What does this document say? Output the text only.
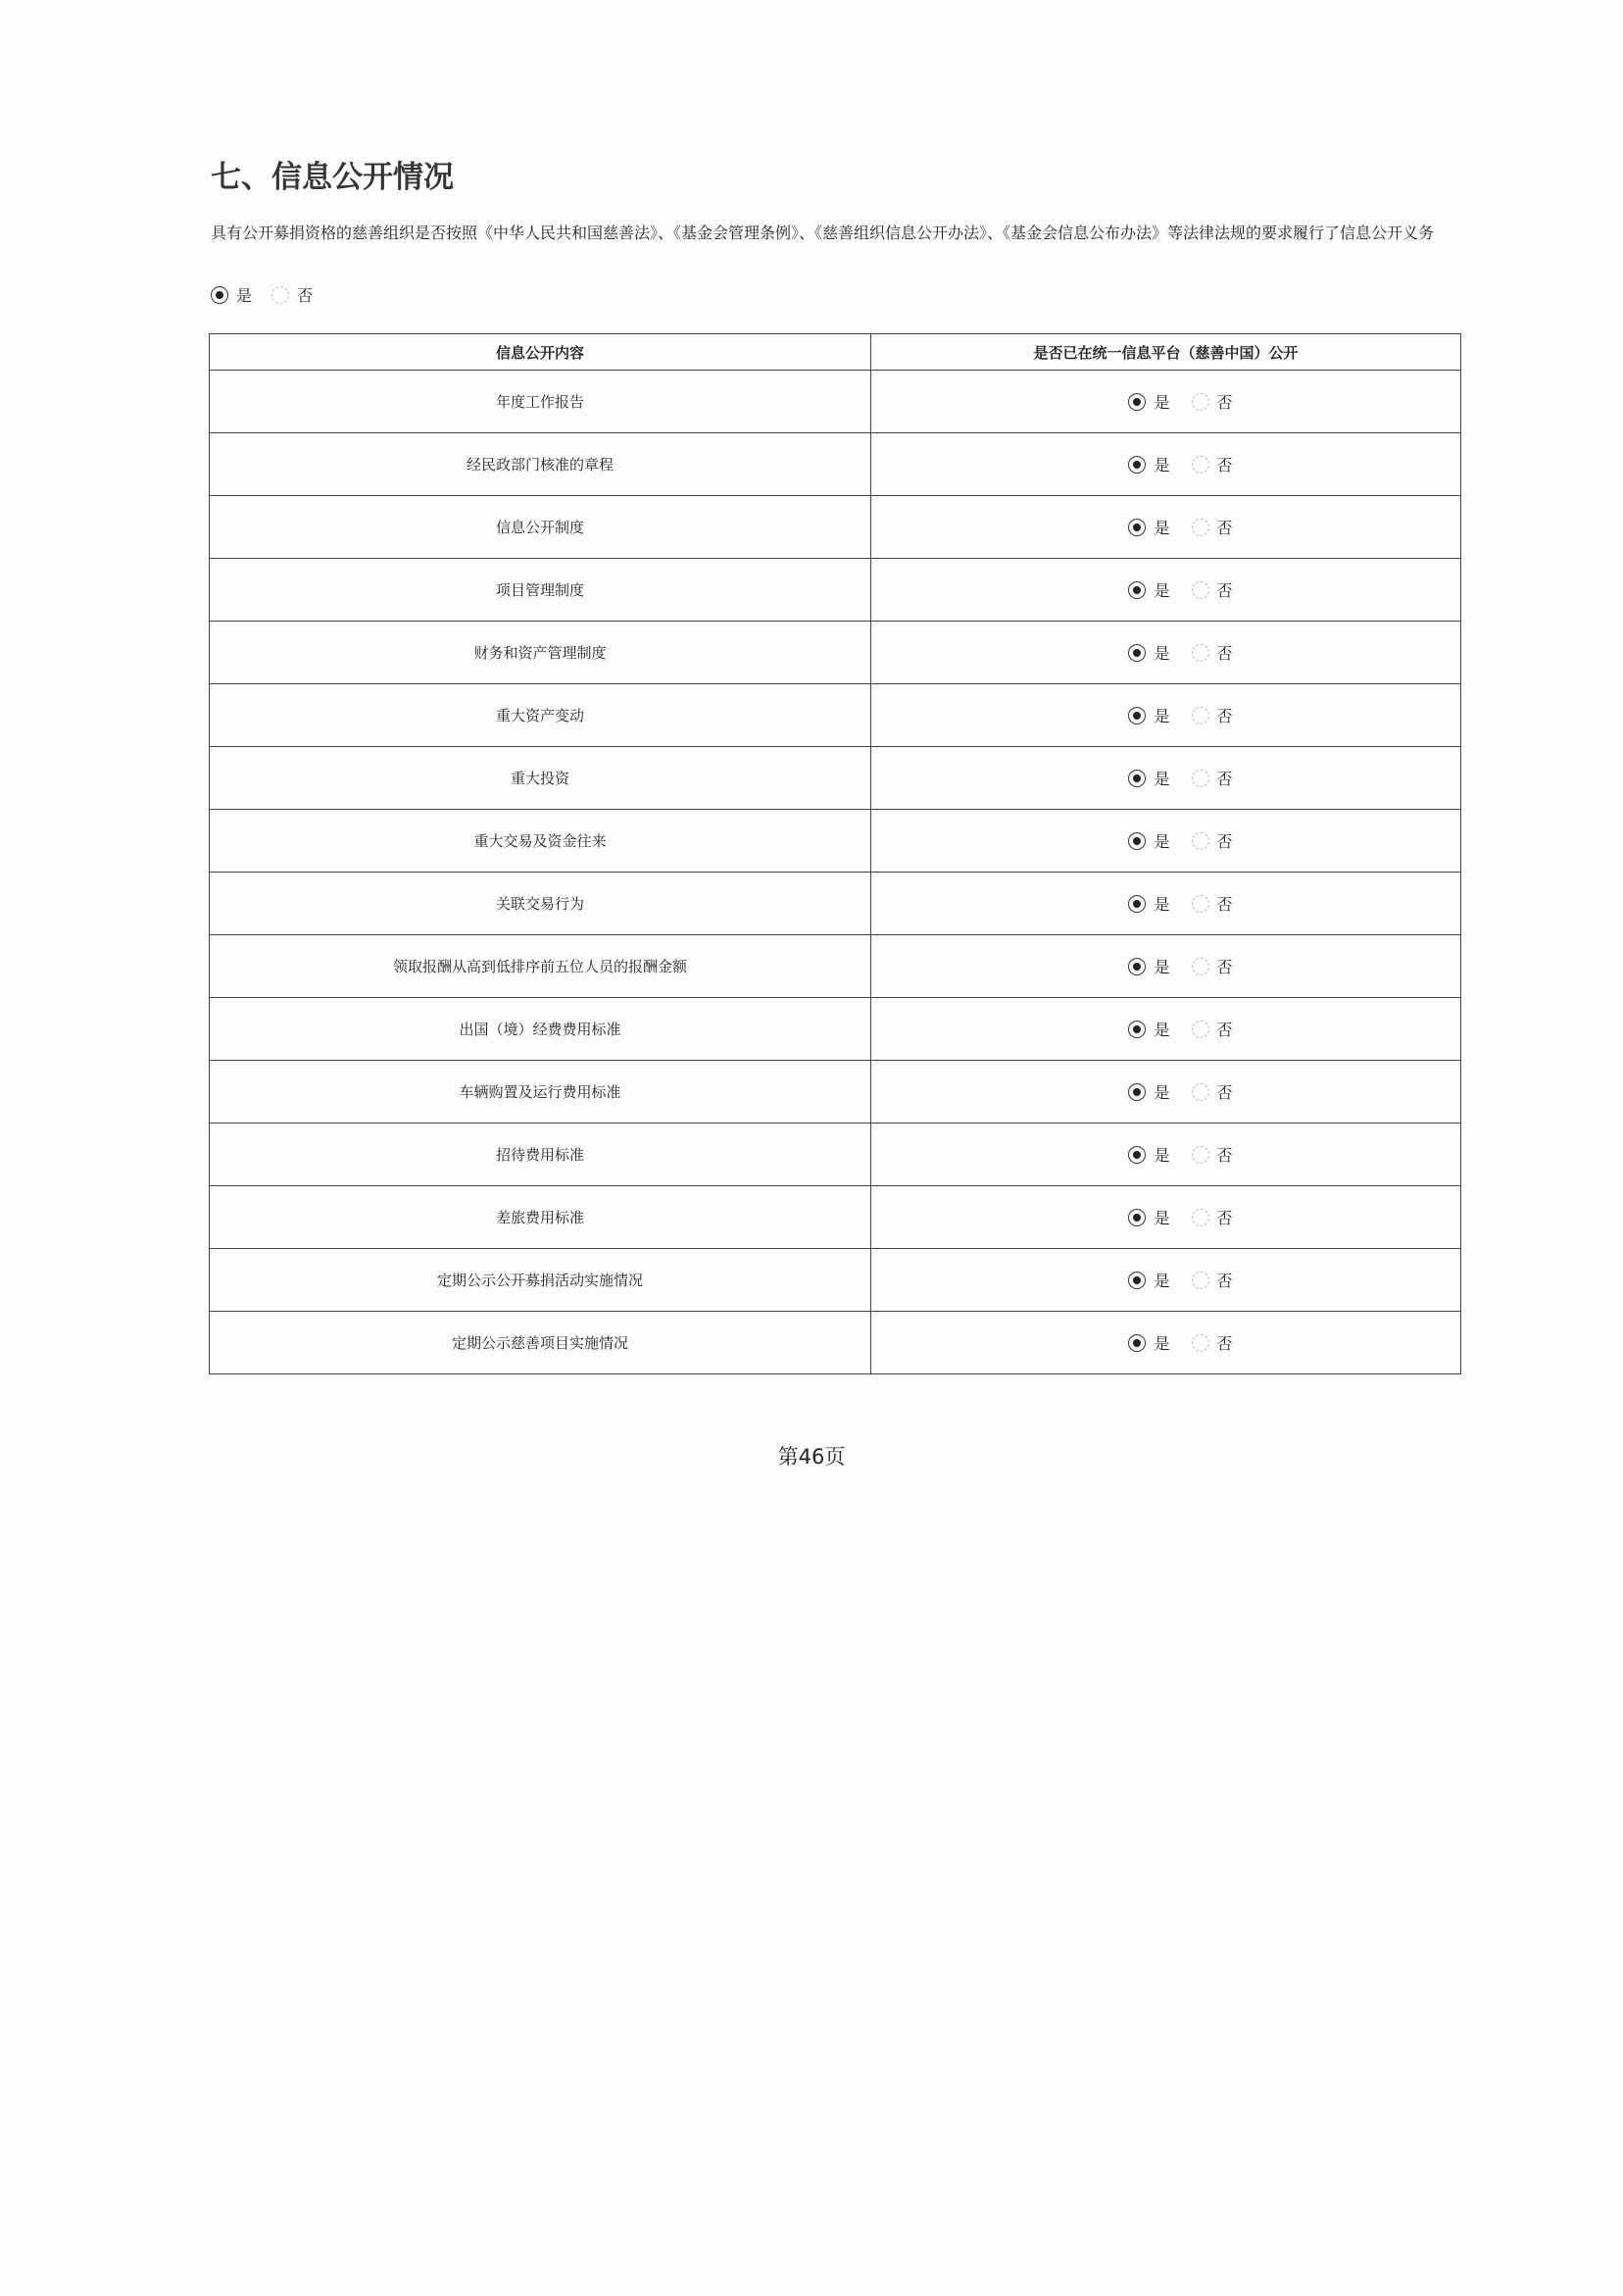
七、信息公开情况
具有公开募捐资格的慈善组织是否按照《中华人民共和国慈善法》、《基金会管理条例》、《慈善组织信息公开办法》、《基金会信息公布办法》等法律法规的要求履行了信息公开义务
是	否
信息公开内容	是否已在统一信息平台（慈善中国）公开
年度工作报告	是 否

经民政部门核准的章程	是 否

信息公开制度	是 否

项目管理制度	是 否

财务和资产管理制度	是 否

重大资产变动	是 否

重大投资	是 否

重大交易及资金往来	是 否

关联交易行为	是 否

领取报酬从高到低排序前五位人员的报酬金额	是 否

出国（境）经费费用标准	是 否

车辆购置及运行费用标准	是 否

招待费用标准	是 否

差旅费用标准	是 否

定期公示公开募捐活动实施情况	是 否

定期公示慈善项目实施情况	是 否
第46页
